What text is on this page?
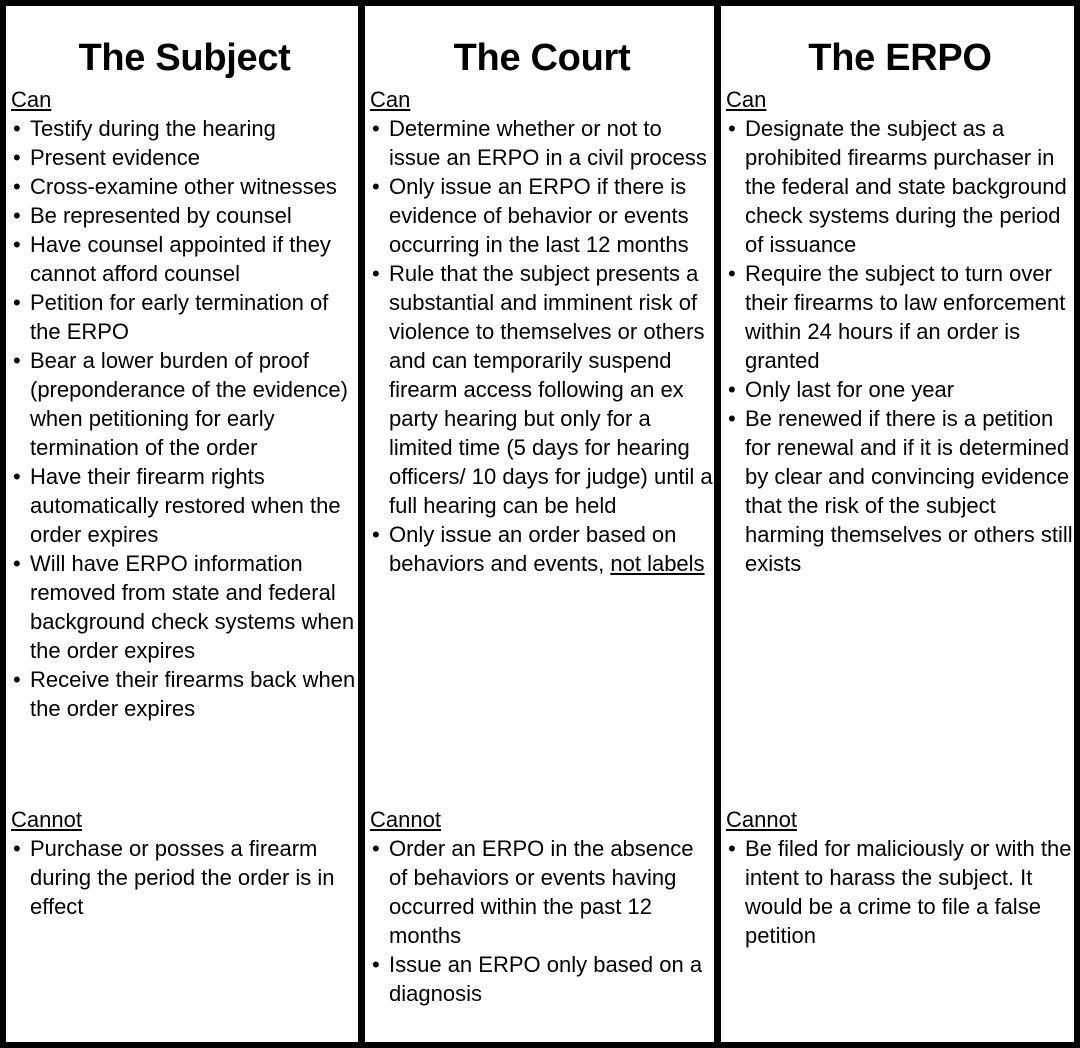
The Subject

Can

• Testify during the hearing
• Present evidence
• Cross-examine other witnesses
• Be represented by counsel
• Have counsel appointed if they cannot afford counsel
• Petition for early termination of the ERPO
• Bear a lower burden of proof (preponderance of the evidence) when petitioning for early termination of the order
• Have their firearm rights automatically restored when the order expires
• Will have ERPO information removed from state and federal background check systems when the order expires
• Receive their firearms back when the order expires

Cannot

• Purchase or posses a firearm during the period the order is in effect
The Court

Can

• Determine whether or not to issue an ERPO in a civil process
• Only issue an ERPO if there is evidence of behavior or events occurring in the last 12 months
• Rule that the subject presents a substantial and imminent risk of violence to themselves or others and can temporarily suspend firearm access following an ex party hearing but only for a limited time (5 days for hearing officers/ 10 days for judge) until a full hearing can be held
• Only issue an order based on behaviors and events, not labels

Cannot

• Order an ERPO in the absence of behaviors or events having occurred within the past 12 months
• Issue an ERPO only based on a diagnosis
The ERPO

Can

• Designate the subject as a prohibited firearms purchaser in the federal and state background check systems during the period of issuance
• Require the subject to turn over their firearms to law enforcement within 24 hours if an order is granted
• Only last for one year
• Be renewed if there is a petition for renewal and if it is determined by clear and convincing evidence that the risk of the subject harming themselves or others still exists

Cannot

• Be filed for maliciously or with the intent to harass the subject. It would be a crime to file a false petition
